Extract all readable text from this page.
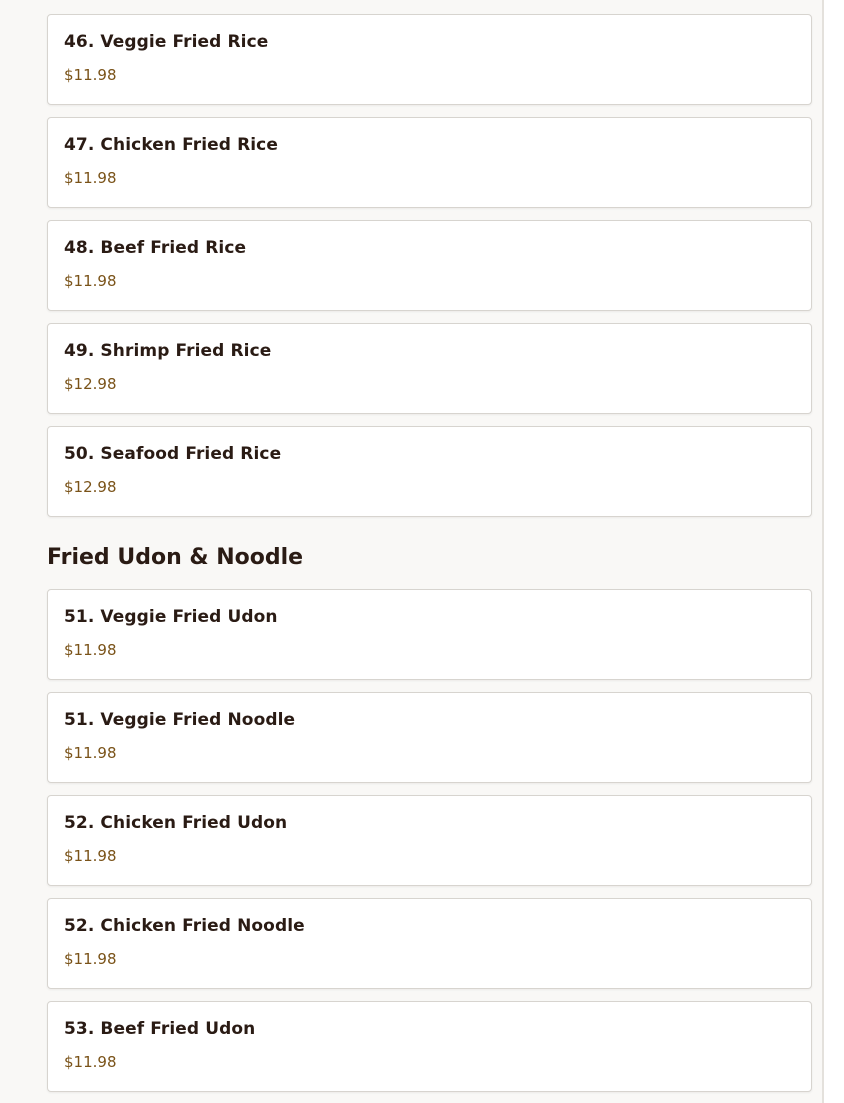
46. Veggie Fried Rice
$11.98
47. Chicken Fried Rice
$11.98
48. Beef Fried Rice
$11.98
49. Shrimp Fried Rice
$12.98
50. Seafood Fried Rice
$12.98
Fried Udon & Noodle
51. Veggie Fried Udon
$11.98
51. Veggie Fried Noodle
$11.98
52. Chicken Fried Udon
$11.98
52. Chicken Fried Noodle
$11.98
53. Beef Fried Udon
$11.98
